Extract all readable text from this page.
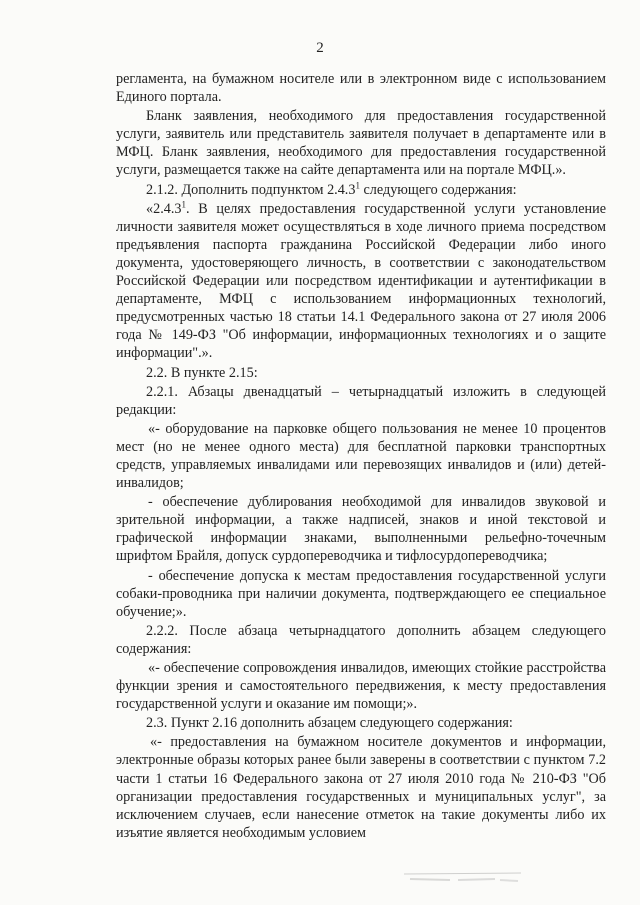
2

регламента, на бумажном носителе или в электронном виде с использованием Единого портала.

Бланк заявления, необходимого для предоставления государственной услуги, заявитель или представитель заявителя получает в департаменте или в МФЦ. Бланк заявления, необходимого для предоставления государственной услуги, размещается также на сайте департамента или на портале МФЦ.».

2.1.2. Дополнить подпунктом 2.4.3$^1$ следующего содержания:

«2.4.3$^1$. В целях предоставления государственной услуги установление личности заявителя может осуществляться в ходе личного приема посредством предъявления паспорта гражданина Российской Федерации либо иного документа, удостоверяющего личность, в соответствии с законодательством Российской Федерации или посредством идентификации и аутентификации в департаменте, МФЦ с использованием информационных технологий, предусмотренных частью 18 статьи 14.1 Федерального закона от 27 июля 2006 года № 149-ФЗ "Об информации, информационных технологиях и о защите информации".».

2.2. В пункте 2.15:

2.2.1. Абзацы двенадцатый – четырнадцатый изложить в следующей редакции:

«- оборудование на парковке общего пользования не менее 10 процентов мест (но не менее одного места) для бесплатной парковки транспортных средств, управляемых инвалидами или перевозящих инвалидов и (или) детей-инвалидов;

- обеспечение дублирования необходимой для инвалидов звуковой и зрительной информации, а также надписей, знаков и иной текстовой и графической информации знаками, выполненными рельефно-точечным шрифтом Брайля, допуск сурдопереводчика и тифлосурдопереводчика;

- обеспечение допуска к местам предоставления государственной услуги собаки-проводника при наличии документа, подтверждающего ее специальное обучение;».

2.2.2. После абзаца четырнадцатого дополнить абзацем следующего содержания:

«- обеспечение сопровождения инвалидов, имеющих стойкие расстройства функции зрения и самостоятельного передвижения, к месту предоставления государственной услуги и оказание им помощи;».

2.3. Пункт 2.16 дополнить абзацем следующего содержания:

«- предоставления на бумажном носителе документов и информации, электронные образы которых ранее были заверены в соответствии с пунктом 7.2 части 1 статьи 16 Федерального закона от 27 июля 2010 года № 210-ФЗ "Об организации предоставления государственных и муниципальных услуг", за исключением случаев, если нанесение отметок на такие документы либо их изъятие является необходимым условием
